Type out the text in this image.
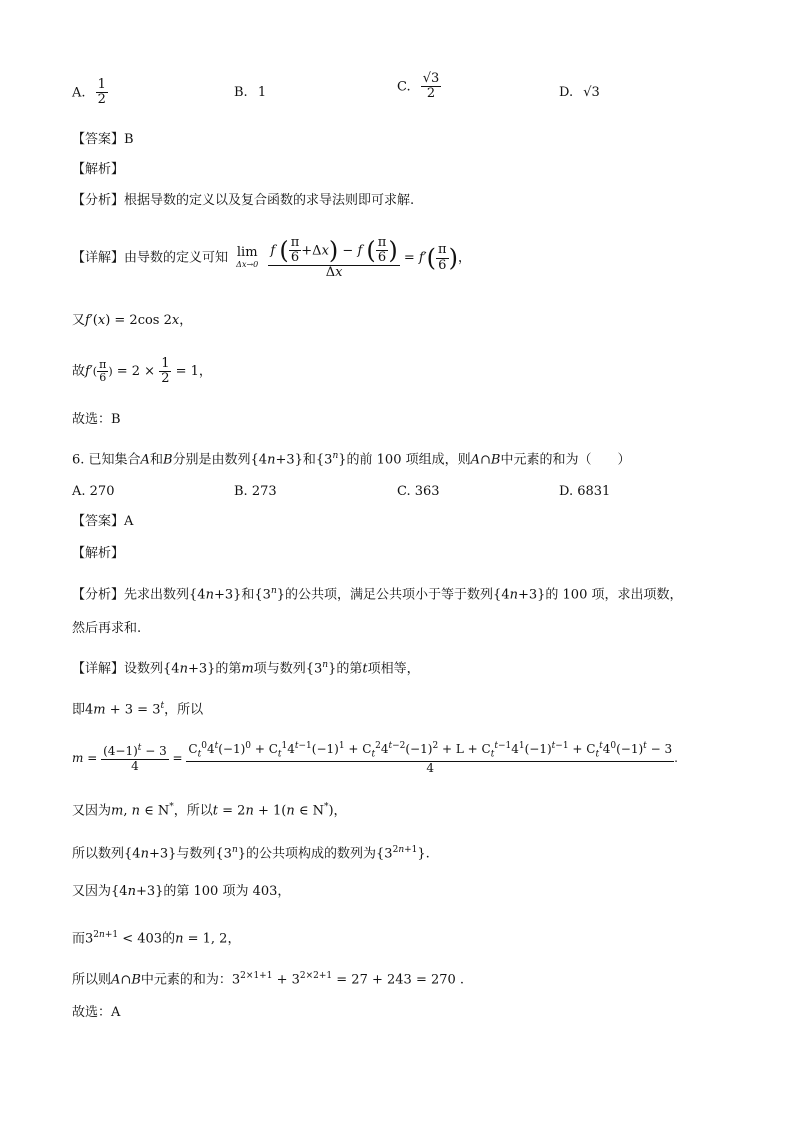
A. $\frac{1}{2}$	B. 1	C. $\frac{√3}{2}$	D. √3
【答案】B
【解析】
【分析】根据导数的定义以及复合函数的求导法则即可求解.
【详解】由导数的定义可知 lim
Δx→0
$\frac{f ( \frac{\pi}{6} +\Delta x) - f ( \frac{\pi}{6} )}{\Delta x} = f'( \frac{\pi}{6}$ )，
又f′(x) = 2cos 2x，
故$f'( \frac{\pi}{6}$ ) = $2 \times \frac{1}{2} = 1$，
故选：B
6. 已知集合A和B分别是由数列{4n+3}和{3$^n$}的前 100 项组成，则A∩B中元素的和为（　　）
A. 270	B. 273	C. 363	D. 6831
【答案】A
【解析】
【分析】先求出数列{4n+3}和{3$^n$}的公共项，满足公共项小于等于数列{4n+3}的 100 项，求出项数，
然后再求和.
【详解】设数列{4n+3}的第m项与数列{3$^n$}的第t项相等，
即$4m + 3 = 3^t$，所以
$m = \frac{(4-1)^t - 3}{4}$ =
$C_t^04^t(-1)^0 + C_t^14^{t-1}(-1)^1 + C_t^24^{t-2}(-1)^2 + L + C_t^{t-1}4^1(-1)^{t-1} + C_t^t4^0(-1)^t - 3$
4
.
又因为m, n ∈ N*，所以t = 2n + 1(n ∈ N*)，
所以数列{4n+3}与数列{3$^n$}的公共项构成的数列为$\{3^{2n+1}\}$.
又因为{4n+3}的第 100 项为 403，
而$3^{2n+1} < 403$的n = 1, 2，
所以则A∩B中元素的和为：$3^{2\times 1+1} + 3^{2\times 2+1} = 27 + 243 = 270$ .
故选：A
